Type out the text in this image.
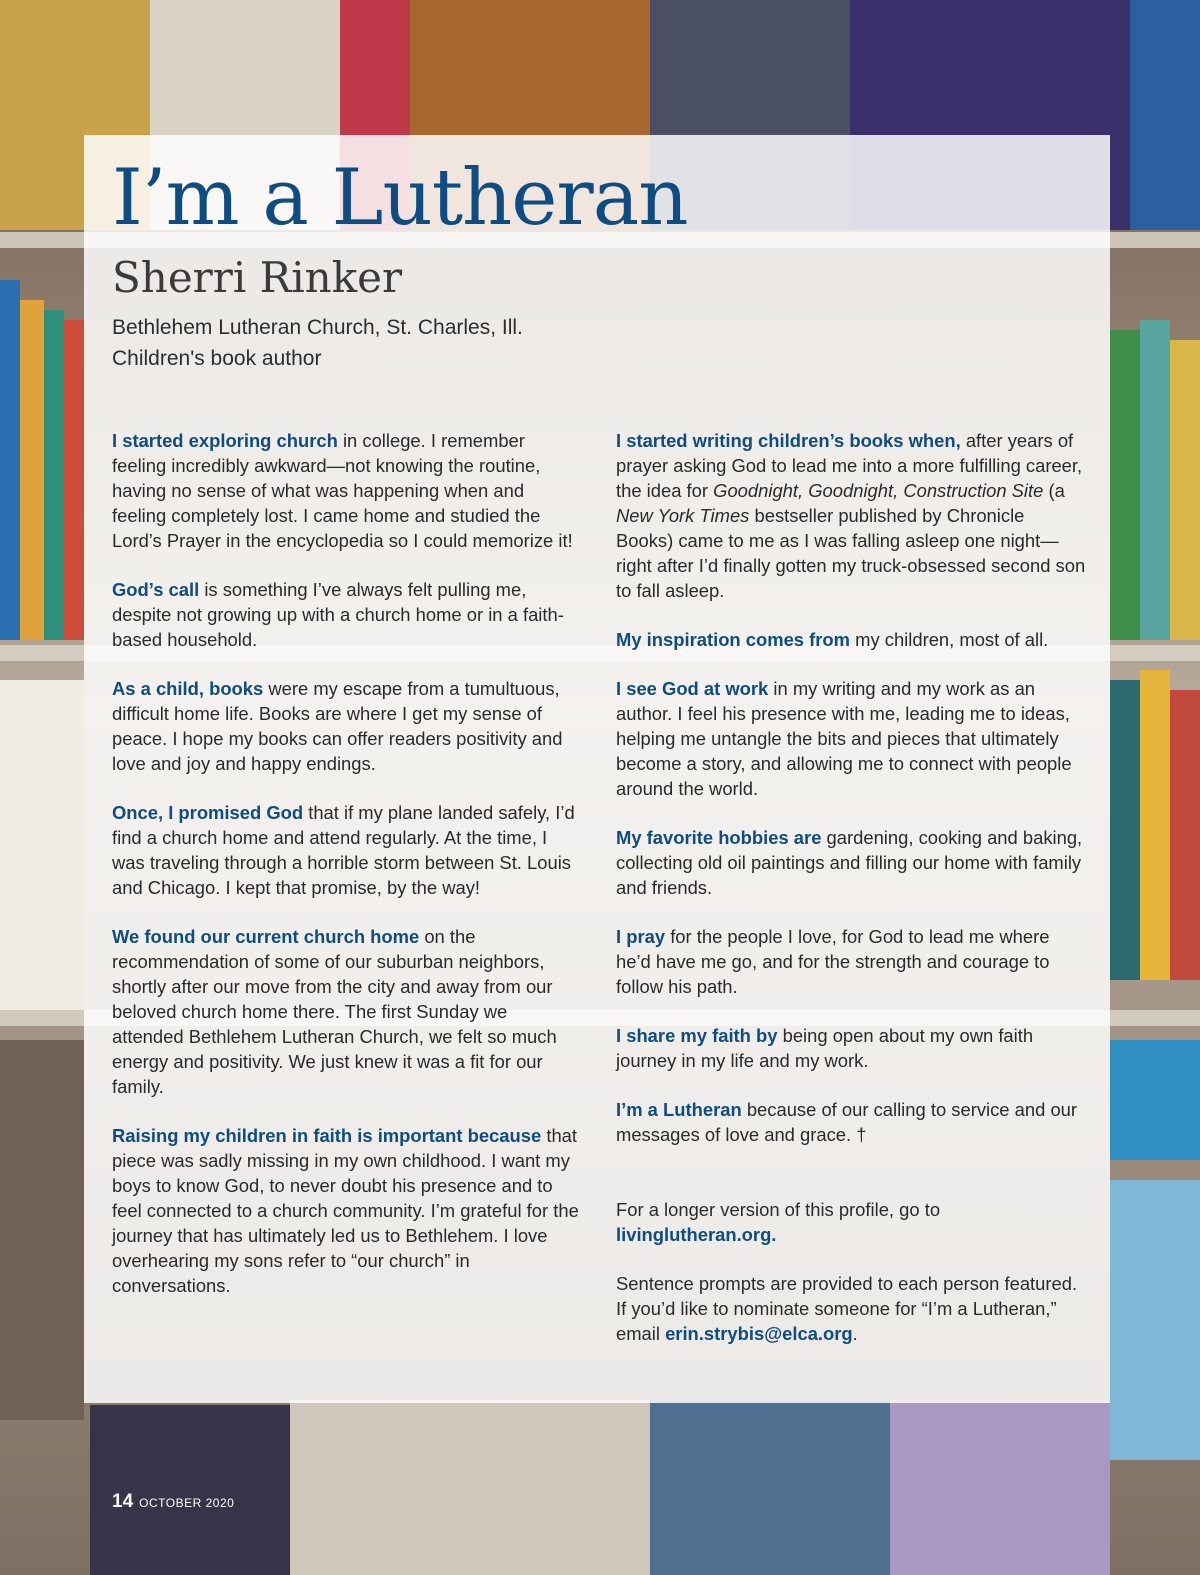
I’m a Lutheran
Sherri Rinker
Bethlehem Lutheran Church, St. Charles, Ill.
Children's book author

I started exploring church in college. I remember feeling incredibly awkward—not knowing the routine, having no sense of what was happening when and feeling completely lost. I came home and studied the Lord’s Prayer in the encyclopedia so I could memorize it!

God’s call is something I’ve always felt pulling me, despite not growing up with a church home or in a faith-based household.

As a child, books were my escape from a tumultuous, difficult home life. Books are where I get my sense of peace. I hope my books can offer readers positivity and love and joy and happy endings.

Once, I promised God that if my plane landed safely, I’d find a church home and attend regularly. At the time, I was traveling through a horrible storm between St. Louis and Chicago. I kept that promise, by the way!

We found our current church home on the recommendation of some of our suburban neighbors, shortly after our move from the city and away from our beloved church home there. The first Sunday we attended Bethlehem Lutheran Church, we felt so much energy and positivity. We just knew it was a fit for our family.

Raising my children in faith is important because that piece was sadly missing in my own childhood. I want my boys to know God, to never doubt his presence and to feel connected to a church community. I’m grateful for the journey that has ultimately led us to Bethlehem. I love overhearing my sons refer to “our church” in conversations.

I started writing children’s books when, after years of prayer asking God to lead me into a more fulfilling career, the idea for Goodnight, Goodnight, Construction Site (a New York Times bestseller published by Chronicle Books) came to me as I was falling asleep one night—right after I’d finally gotten my truck-obsessed second son to fall asleep.

My inspiration comes from my children, most of all.

I see God at work in my writing and my work as an author. I feel his presence with me, leading me to ideas, helping me untangle the bits and pieces that ultimately become a story, and allowing me to connect with people around the world.

My favorite hobbies are gardening, cooking and baking, collecting old oil paintings and filling our home with family and friends.

I pray for the people I love, for God to lead me where he’d have me go, and for the strength and courage to follow his path.

I share my faith by being open about my own faith journey in my life and my work.

I’m a Lutheran because of our calling to service and our messages of love and grace. †

For a longer version of this profile, go to livinglutheran.org.

Sentence prompts are provided to each person featured. If you’d like to nominate someone for “I’m a Lutheran,” email erin.strybis@elca.org.

14 OCTOBER 2020
